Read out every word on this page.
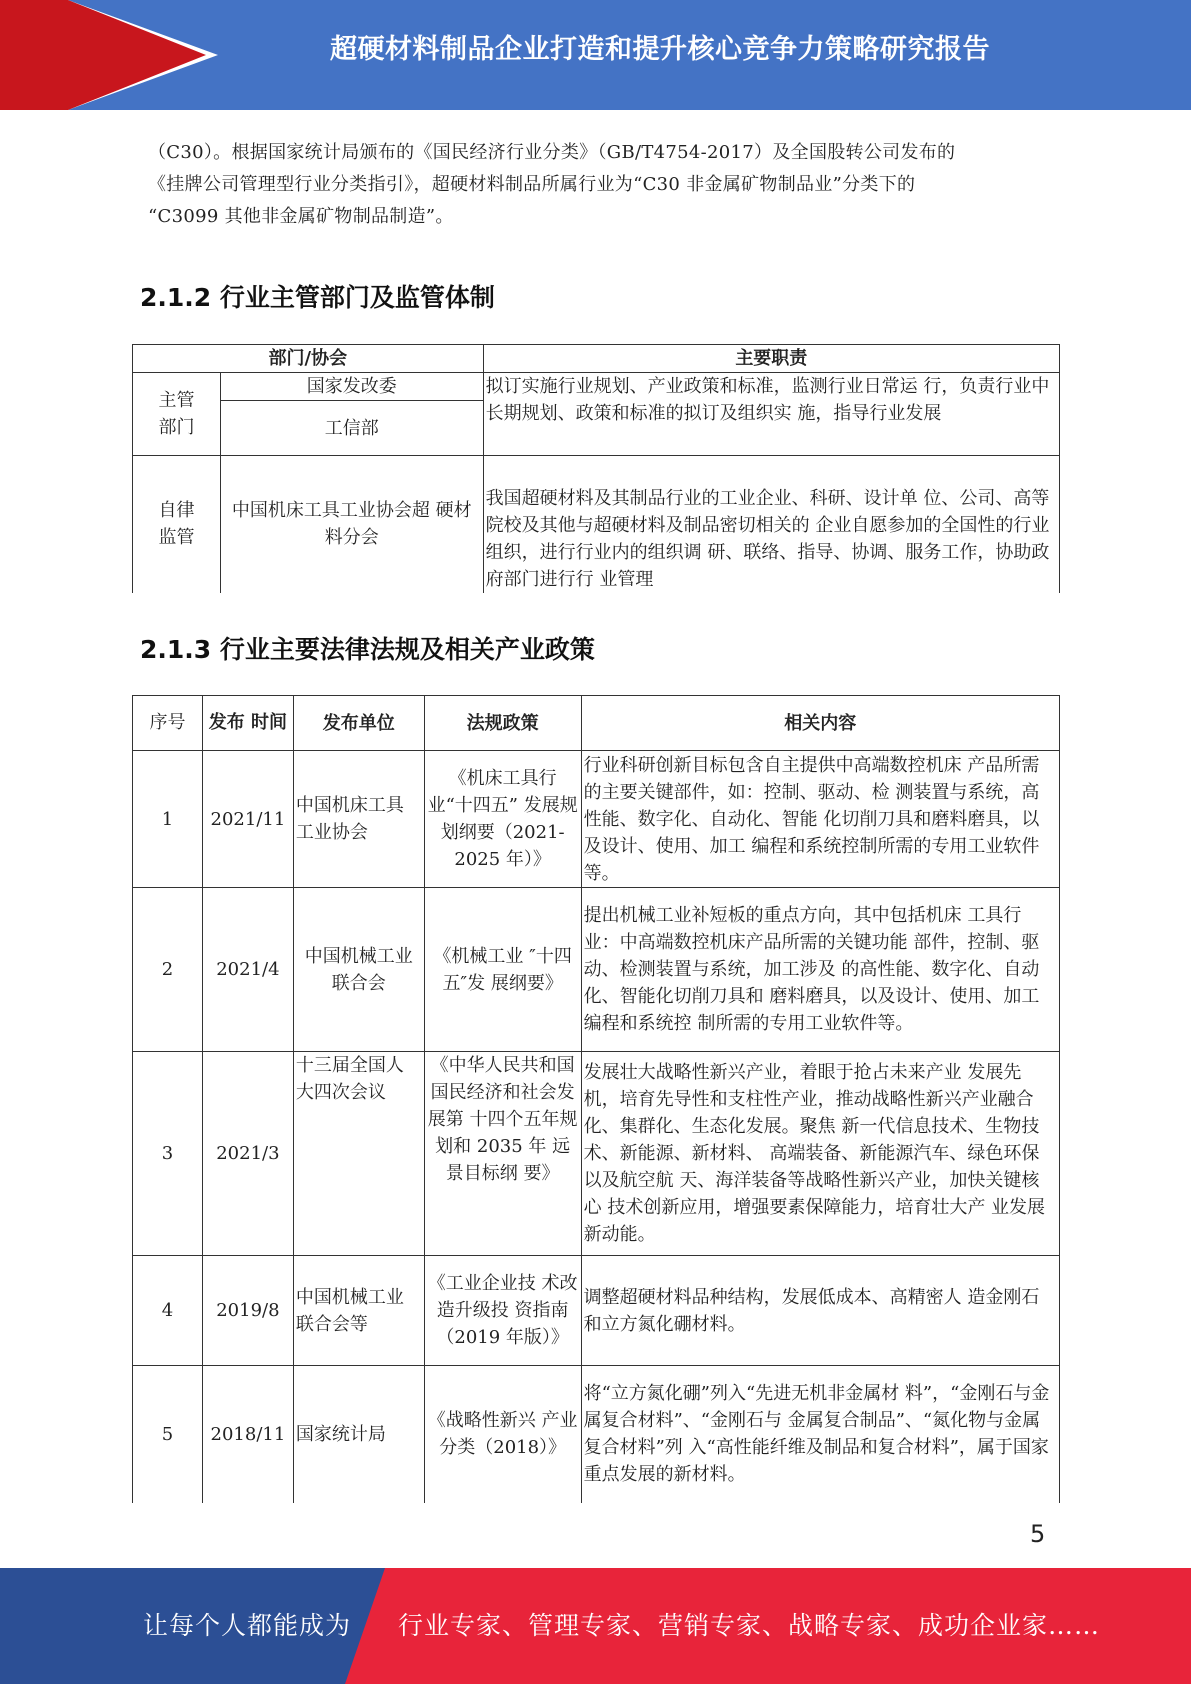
超硬材料制品企业打造和提升核心竞争力策略研究报告
（C30）。根据国家统计局颁布的《国民经济行业分类》（GB/T4754-2017）及全国股转公司发布的
《挂牌公司管理型行业分类指引》，超硬材料制品所属行业为“C30 非金属矿物制品业”分类下的
“C3099 其他非金属矿物制品制造”。
2.1.2 行业主管部门及监管体制
部门/协会		主要职责
主管
部门	国家发改委	拟订实施行业规划、产业政策和标准，监测行业日常运 行，负责行业中长期规划、政策和标准的拟订及组织实 施，指导行业发展
	工信部	
自律
监管	中国机床工具工业协会超 硬材料分会	我国超硬材料及其制品行业的工业企业、科研、设计单 位、公司、高等院校及其他与超硬材料及制品密切相关的 企业自愿参加的全国性的行业组织，进行行业内的组织调 研、联络、指导、协调、服务工作，协助政府部门进行行 业管理
2.1.3 行业主要法律法规及相关产业政策
序号	发布 时间	发布单位	法规政策	相关内容
1	2021/11	中国机床工具工业协会	《机床工具行 业“十四五” 发展规划纲要（2021-2025 年）》	行业科研创新目标包含自主提供中高端数控机床 产品所需的主要关键部件，如：控制、驱动、检 测装置与系统，高性能、数字化、自动化、智能 化切削刀具和磨料磨具，以及设计、使用、加工 编程和系统控制所需的专用工业软件等。
2	2021/4	中国机械工业联合会	《机械工业 ″十四五″发 展纲要》	提出机械工业补短板的重点方向，其中包括机床 工具行业：中高端数控机床产品所需的关键功能 部件，控制、驱动、检测装置与系统，加工涉及 的高性能、数字化、自动化、智能化切削刀具和 磨料磨具，以及设计、使用、加工编程和系统控 制所需的专用工业软件等。
3	2021/3	十三届全国人大四次会议	《中华人民共和国国民经济和社会发展第 十四个五年规 划和 2035 年 远景目标纲 要》	发展壮大战略性新兴产业，着眼于抢占未来产业 发展先机，培育先导性和支柱性产业，推动战略性新兴产业融合化、集群化、生态化发展。聚焦 新一代信息技术、生物技术、新能源、新材料、 高端装备、新能源汽车、绿色环保以及航空航 天、海洋装备等战略性新兴产业，加快关键核心 技术创新应用，增强要素保障能力，培育壮大产 业发展新动能。
4	2019/8	中国机械工业联合会等	《工业企业技 术改造升级投 资指南（2019 年版）》	调整超硬材料品种结构，发展低成本、高精密人 造金刚石和立方氮化硼材料。
5	2018/11	国家统计局	《战略性新兴 产业分类（2018）》	将“立方氮化硼”列入“先进无机非金属材 料”，“金刚石与金属复合材料”、“金刚石与 金属复合制品”、“氮化物与金属复合材料”列 入“高性能纤维及制品和复合材料”，属于国家 重点发展的新材料。
5
让每个人都能成为 行业专家、管理专家、营销专家、战略专家、成功企业家……
